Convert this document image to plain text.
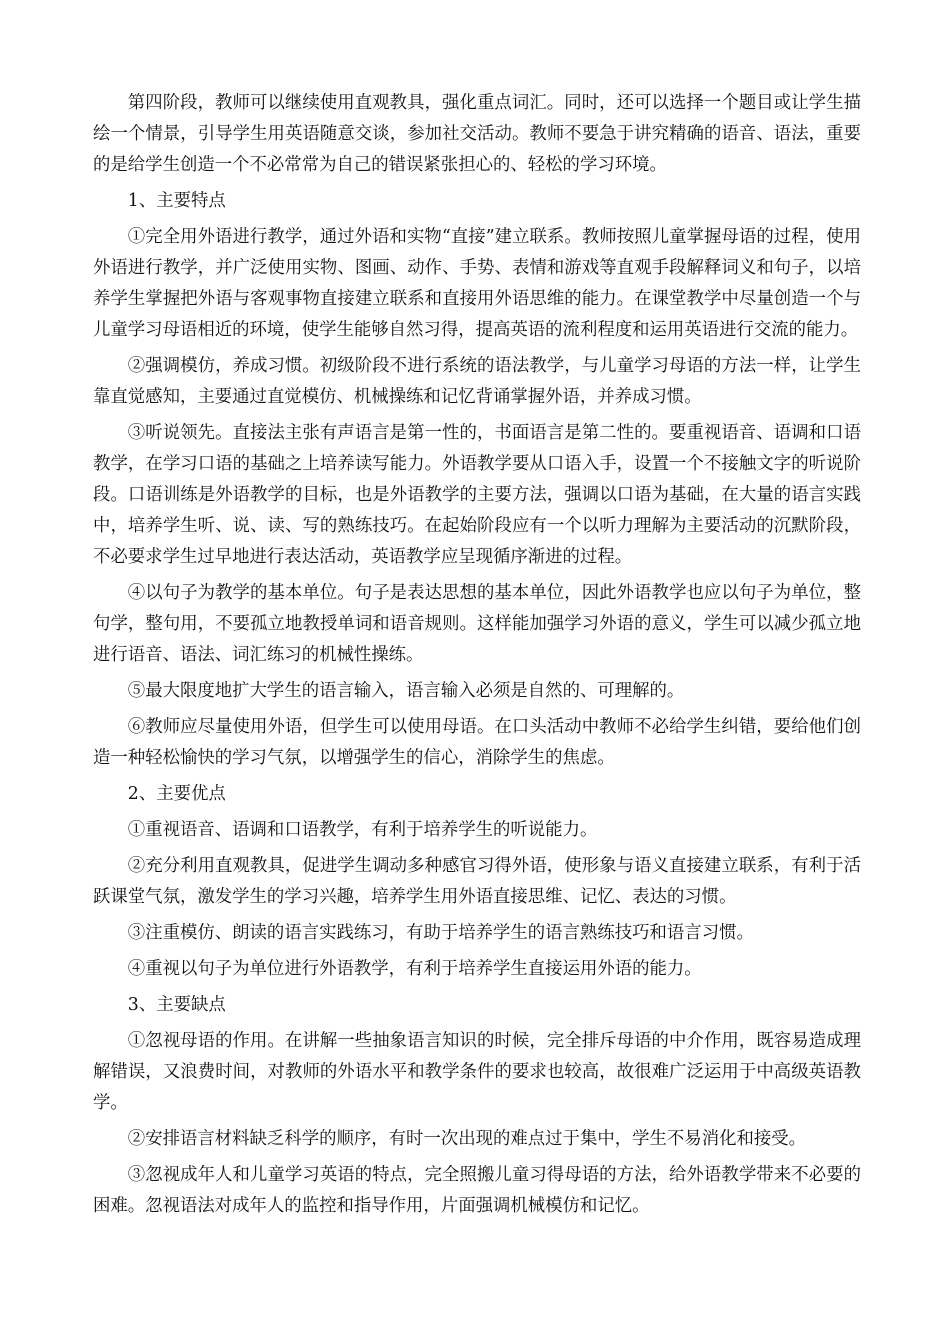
第四阶段，教师可以继续使用直观教具，强化重点词汇。同时，还可以选择一个题目或让学生描绘一个情景，引导学生用英语随意交谈，参加社交活动。教师不要急于讲究精确的语音、语法，重要的是给学生创造一个不必常常为自己的错误紧张担心的、轻松的学习环境。

1、主要特点

①完全用外语进行教学，通过外语和实物“直接”建立联系。教师按照儿童掌握母语的过程，使用外语进行教学，并广泛使用实物、图画、动作、手势、表情和游戏等直观手段解释词义和句子，以培养学生掌握把外语与客观事物直接建立联系和直接用外语思维的能力。在课堂教学中尽量创造一个与儿童学习母语相近的环境，使学生能够自然习得，提高英语的流利程度和运用英语进行交流的能力。

②强调模仿，养成习惯。初级阶段不进行系统的语法教学，与儿童学习母语的方法一样，让学生靠直觉感知，主要通过直觉模仿、机械操练和记忆背诵掌握外语，并养成习惯。

③听说领先。直接法主张有声语言是第一性的，书面语言是第二性的。要重视语音、语调和口语教学，在学习口语的基础之上培养读写能力。外语教学要从口语入手，设置一个不接触文字的听说阶段。口语训练是外语教学的目标，也是外语教学的主要方法，强调以口语为基础，在大量的语言实践中，培养学生听、说、读、写的熟练技巧。在起始阶段应有一个以听力理解为主要活动的沉默阶段，不必要求学生过早地进行表达活动，英语教学应呈现循序渐进的过程。

④以句子为教学的基本单位。句子是表达思想的基本单位，因此外语教学也应以句子为单位，整句学，整句用，不要孤立地教授单词和语音规则。这样能加强学习外语的意义，学生可以减少孤立地进行语音、语法、词汇练习的机械性操练。

⑤最大限度地扩大学生的语言输入，语言输入必须是自然的、可理解的。

⑥教师应尽量使用外语，但学生可以使用母语。在口头活动中教师不必给学生纠错，要给他们创造一种轻松愉快的学习气氛，以增强学生的信心，消除学生的焦虑。

2、主要优点

①重视语音、语调和口语教学，有利于培养学生的听说能力。

②充分利用直观教具，促进学生调动多种感官习得外语，使形象与语义直接建立联系，有利于活跃课堂气氛，激发学生的学习兴趣，培养学生用外语直接思维、记忆、表达的习惯。

③注重模仿、朗读的语言实践练习，有助于培养学生的语言熟练技巧和语言习惯。

④重视以句子为单位进行外语教学，有利于培养学生直接运用外语的能力。

3、主要缺点

①忽视母语的作用。在讲解一些抽象语言知识的时候，完全排斥母语的中介作用，既容易造成理解错误，又浪费时间，对教师的外语水平和教学条件的要求也较高，故很难广泛运用于中高级英语教学。

②安排语言材料缺乏科学的顺序，有时一次出现的难点过于集中，学生不易消化和接受。

③忽视成年人和儿童学习英语的特点，完全照搬儿童习得母语的方法，给外语教学带来不必要的困难。忽视语法对成年人的监控和指导作用，片面强调机械模仿和记忆。
